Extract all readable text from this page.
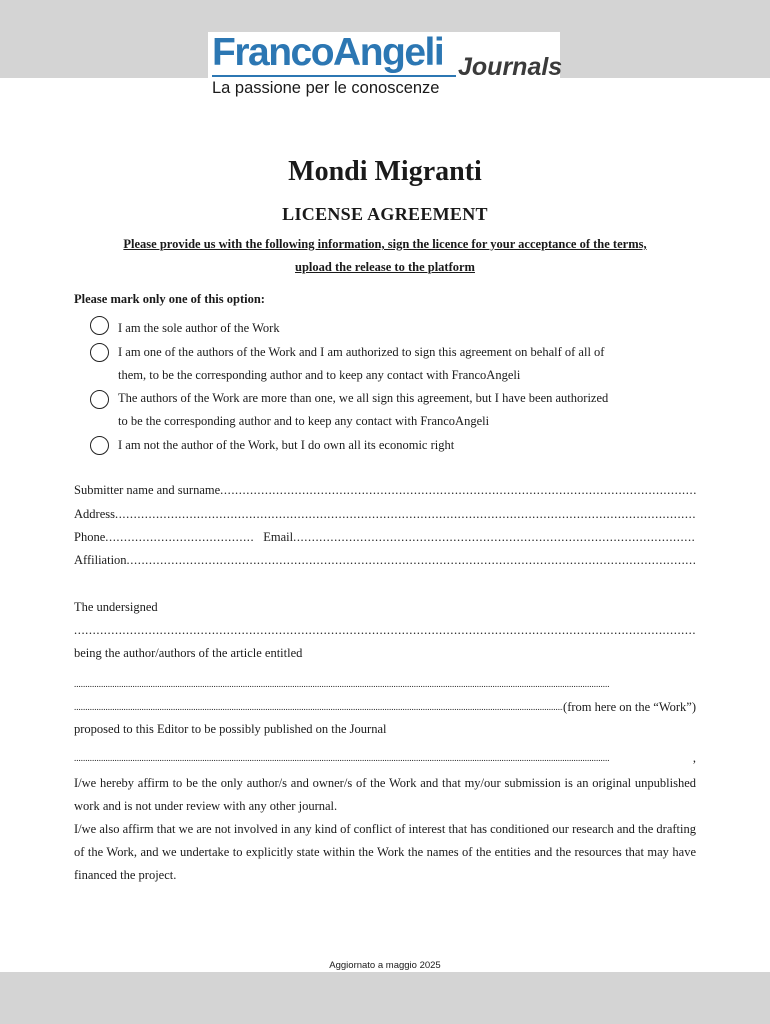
FrancoAngeli Journals
La passione per le conoscenze
Mondi Migranti
LICENSE AGREEMENT
Please provide us with the following information, sign the licence for your acceptance of the terms,
upload the release to the platform
Please mark only one of this option:
I am the sole author of the Work
I am one of the authors of the Work and I am authorized to sign this agreement on behalf of all of
them, to be the corresponding author and to keep any contact with FrancoAngeli
The authors of the Work are more than one, we all sign this agreement, but I have been authorized
to be the corresponding author and to keep any contact with FrancoAngeli
I am not the author of the Work, but I do own all its economic right
Submitter name and surname
.....
Address
.....
Phone
.....	Email
.....
Affiliation
.....
The undersigned
.....
being the author/authors of the article entitled
.....
.....
(from here on the “Work”)
proposed to this Editor to be possibly published on the Journal
.....
,
I/we hereby affirm to be the only author/s and owner/s of the Work and that my/our submission is an original unpublished work and is not under review with any other journal.
I/we also affirm that we are not involved in any kind of conflict of interest that has conditioned our research and the drafting of the Work, and we undertake to explicitly state within the Work the names of the entities and the resources that may have financed the project.
Aggiornato a maggio 2025
